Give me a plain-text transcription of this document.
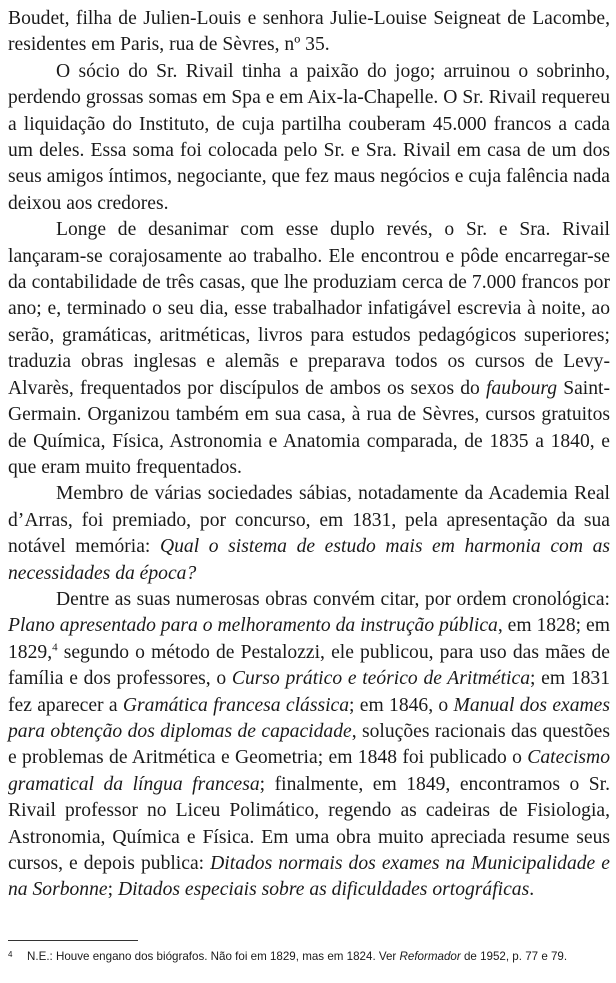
Boudet, filha de Julien-Louis e senhora Julie-Louise Seigneat de Lacombe, residentes em Paris, rua de Sèvres, nº 35.

O sócio do Sr. Rivail tinha a paixão do jogo; arruinou o sobrinho, perdendo grossas somas em Spa e em Aix-la-Chapelle. O Sr. Rivail requereu a liquidação do Instituto, de cuja partilha couberam 45.000 francos a cada um deles. Essa soma foi colocada pelo Sr. e Sra. Rivail em casa de um dos seus amigos íntimos, negociante, que fez maus negócios e cuja falência nada deixou aos credores.

Longe de desanimar com esse duplo revés, o Sr. e Sra. Rivail lançaram-se corajosamente ao trabalho. Ele encontrou e pôde encarregar-se da contabilidade de três casas, que lhe produziam cerca de 7.000 francos por ano; e, terminado o seu dia, esse trabalhador infatigável escrevia à noite, ao serão, gramáticas, aritméticas, livros para estudos pedagógicos superiores; traduzia obras inglesas e alemãs e preparava todos os cursos de Levy-Alvarès, frequentados por discípulos de ambos os sexos do faubourg Saint-Germain. Organizou também em sua casa, à rua de Sèvres, cursos gratuitos de Química, Física, Astronomia e Anatomia comparada, de 1835 a 1840, e que eram muito frequentados.

Membro de várias sociedades sábias, notadamente da Academia Real d’Arras, foi premiado, por concurso, em 1831, pela apresentação da sua notável memória: Qual o sistema de estudo mais em harmonia com as necessidades da época?

Dentre as suas numerosas obras convém citar, por ordem cronológica: Plano apresentado para o melhoramento da instrução pública, em 1828; em 1829,$^4$ segundo o método de Pestalozzi, ele publicou, para uso das mães de família e dos professores, o Curso prático e teórico de Aritmética; em 1831 fez aparecer a Gramática francesa clássica; em 1846, o Manual dos exames para obtenção dos diplomas de capacidade, soluções racionais das questões e problemas de Aritmética e Geometria; em 1848 foi publicado o Catecismo gramatical da língua francesa; finalmente, em 1849, encontramos o Sr. Rivail professor no Liceu Polimático, regendo as cadeiras de Fisiologia, Astronomia, Química e Física. Em uma obra muito apreciada resume seus cursos, e depois publica: Ditados normais dos exames na Municipalidade e na Sorbonne; Ditados especiais sobre as dificuldades ortográficas.

4 N.E.: Houve engano dos biógrafos. Não foi em 1829, mas em 1824. Ver Reformador de 1952, p. 77 e 79.
